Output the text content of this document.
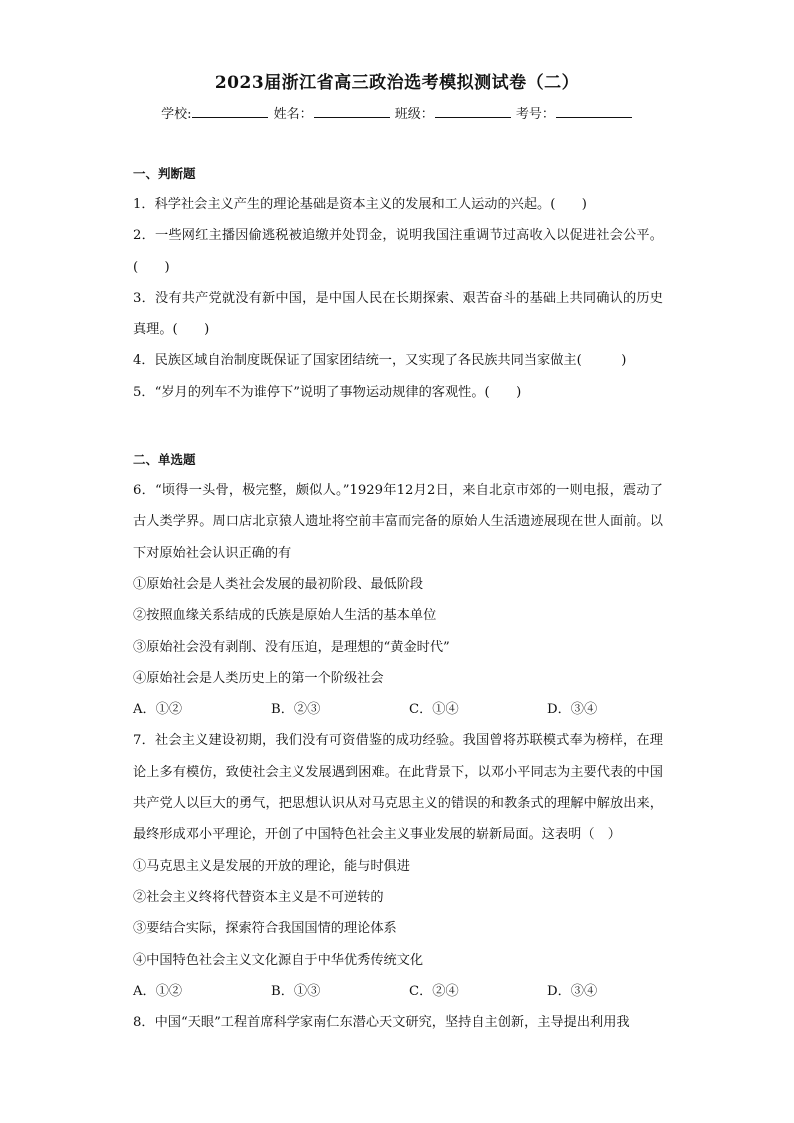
2023届浙江省高三政治选考模拟测试卷（二）
学校:	姓名：	班级：	考号：
一、判断题
1．科学社会主义产生的理论基础是资本主义的发展和工人运动的兴起。(　　)
2．一些网红主播因偷逃税被追缴并处罚金，说明我国注重调节过高收入以促进社会公平。(　　)
3．没有共产党就没有新中国，是中国人民在长期探索、艰苦奋斗的基础上共同确认的历史真理。(　　)
4．民族区域自治制度既保证了国家团结统一，又实现了各民族共同当家做主(　　　)
5．“岁月的列车不为谁停下”说明了事物运动规律的客观性。(　　)
二、单选题
6．“顷得一头骨，极完整，颇似人。”1929年12月2日，来自北京市郊的一则电报，震动了古人类学界。周口店北京猿人遗址将空前丰富而完备的原始人生活遗迹展现在世人面前。以下对原始社会认识正确的有
①原始社会是人类社会发展的最初阶段、最低阶段
②按照血缘关系结成的氏族是原始人生活的基本单位
③原始社会没有剥削、没有压迫，是理想的“黄金时代”
④原始社会是人类历史上的第一个阶级社会
A．①②	B．②③	C．①④	D．③④
7．社会主义建设初期，我们没有可资借鉴的成功经验。我国曾将苏联模式奉为榜样，在理论上多有模仿，致使社会主义发展遇到困难。在此背景下，以邓小平同志为主要代表的中国共产党人以巨大的勇气，把思想认识从对马克思主义的错误的和教条式的理解中解放出来，最终形成邓小平理论，开创了中国特色社会主义事业发展的崭新局面。这表明（　）
①马克思主义是发展的开放的理论，能与时俱进
②社会主义终将代替资本主义是不可逆转的
③要结合实际，探索符合我国国情的理论体系
④中国特色社会主义文化源自于中华优秀传统文化
A．①②	B．①③	C．②④	D．③④
8．中国“天眼”工程首席科学家南仁东潜心天文研究，坚持自主创新，主导提出利用我
